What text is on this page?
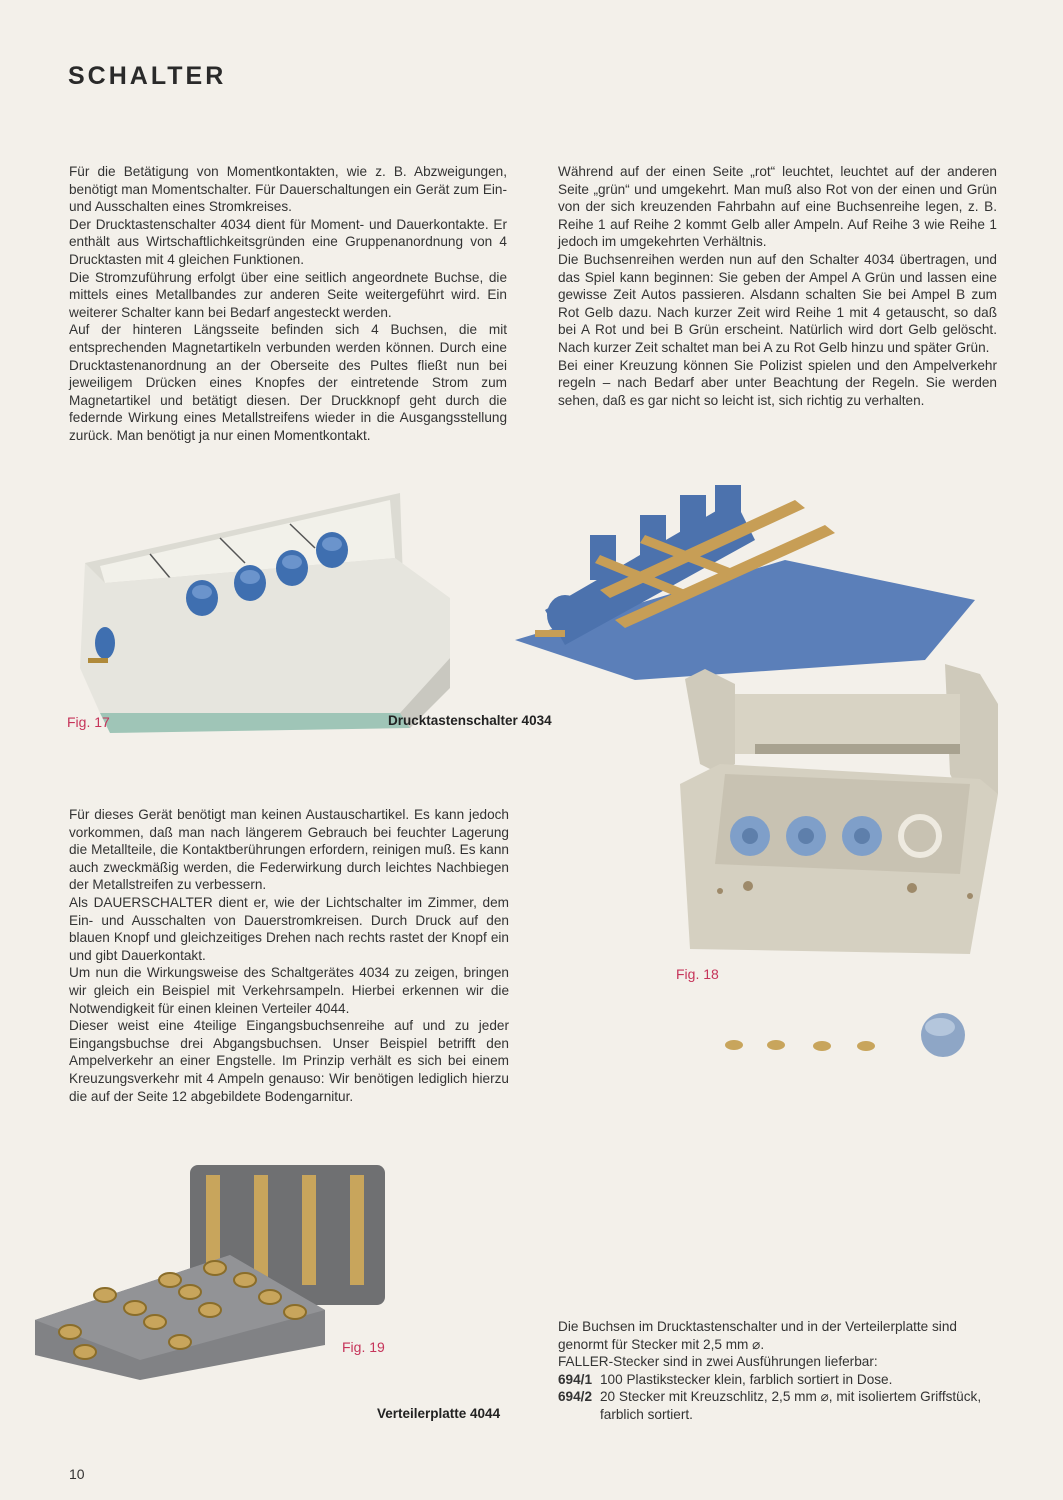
SCHALTER

Für die Betätigung von Momentkontakten, wie z. B. Abzweigungen, benötigt man Momentschalter. Für Dauerschaltungen ein Gerät zum Ein- und Ausschalten eines Stromkreises.

Der Drucktastenschalter 4034 dient für Moment- und Dauerkontakte. Er enthält aus Wirtschaftlichkeitsgründen eine Gruppenanordnung von 4 Drucktasten mit 4 gleichen Funktionen.

Die Stromzuführung erfolgt über eine seitlich angeordnete Buchse, die mittels eines Metallbandes zur anderen Seite weitergeführt wird. Ein weiterer Schalter kann bei Bedarf angesteckt werden.

Auf der hinteren Längsseite befinden sich 4 Buchsen, die mit entsprechenden Magnetartikeln verbunden werden können. Durch eine Drucktastenanordnung an der Oberseite des Pultes fließt nun bei jeweiligem Drücken eines Knopfes der eintretende Strom zum Magnetartikel und betätigt diesen. Der Druckknopf geht durch die federnde Wirkung eines Metallstreifens wieder in die Ausgangsstellung zurück. Man benötigt ja nur einen Momentkontakt.

Während auf der einen Seite „rot“ leuchtet, leuchtet auf der anderen Seite „grün“ und umgekehrt. Man muß also Rot von der einen und Grün von der sich kreuzenden Fahrbahn auf eine Buchsenreihe legen, z. B. Reihe 1 auf Reihe 2 kommt Gelb aller Ampeln. Auf Reihe 3 wie Reihe 1 jedoch im umgekehrten Verhältnis.

Die Buchsenreihen werden nun auf den Schalter 4034 übertragen, und das Spiel kann beginnen: Sie geben der Ampel A Grün und lassen eine gewisse Zeit Autos passieren. Alsdann schalten Sie bei Ampel B zum Rot Gelb dazu. Nach kurzer Zeit wird Reihe 1 mit 4 getauscht, so daß bei A Rot und bei B Grün erscheint. Natürlich wird dort Gelb gelöscht. Nach kurzer Zeit schaltet man bei A zu Rot Gelb hinzu und später Grün.

Bei einer Kreuzung können Sie Polizist spielen und den Ampelverkehr regeln – nach Bedarf aber unter Beachtung der Regeln. Sie werden sehen, daß es gar nicht so leicht ist, sich richtig zu verhalten.

Fig. 17	Drucktastenschalter 4034
Fig. 18

Für dieses Gerät benötigt man keinen Austauschartikel. Es kann jedoch vorkommen, daß man nach längerem Gebrauch bei feuchter Lagerung die Metallteile, die Kontaktberührungen erfordern, reinigen muß. Es kann auch zweckmäßig werden, die Federwirkung durch leichtes Nachbiegen der Metallstreifen zu verbessern.

Als DAUERSCHALTER dient er, wie der Lichtschalter im Zimmer, dem Ein- und Ausschalten von Dauerstromkreisen. Durch Druck auf den blauen Knopf und gleichzeitiges Drehen nach rechts rastet der Knopf ein und gibt Dauerkontakt.

Um nun die Wirkungsweise des Schaltgerätes 4034 zu zeigen, bringen wir gleich ein Beispiel mit Verkehrsampeln. Hierbei erkennen wir die Notwendigkeit für einen kleinen Verteiler 4044.

Dieser weist eine 4teilige Eingangsbuchsenreihe auf und zu jeder Eingangsbuchse drei Abgangsbuchsen. Unser Beispiel betrifft den Ampelverkehr an einer Engstelle. Im Prinzip verhält es sich bei einem Kreuzungsverkehr mit 4 Ampeln genauso: Wir benötigen lediglich hierzu die auf der Seite 12 abgebildete Bodengarnitur.

Fig. 19
Verteilerplatte 4044

Die Buchsen im Drucktastenschalter und in der Verteilerplatte sind genormt für Stecker mit 2,5 mm ⌀.

FALLER-Stecker sind in zwei Ausführungen lieferbar:

694/1 100 Plastikstecker klein, farblich sortiert in Dose.
694/2 20 Stecker mit Kreuzschlitz, 2,5 mm ⌀, mit isoliertem Griffstück, farblich sortiert.
10
